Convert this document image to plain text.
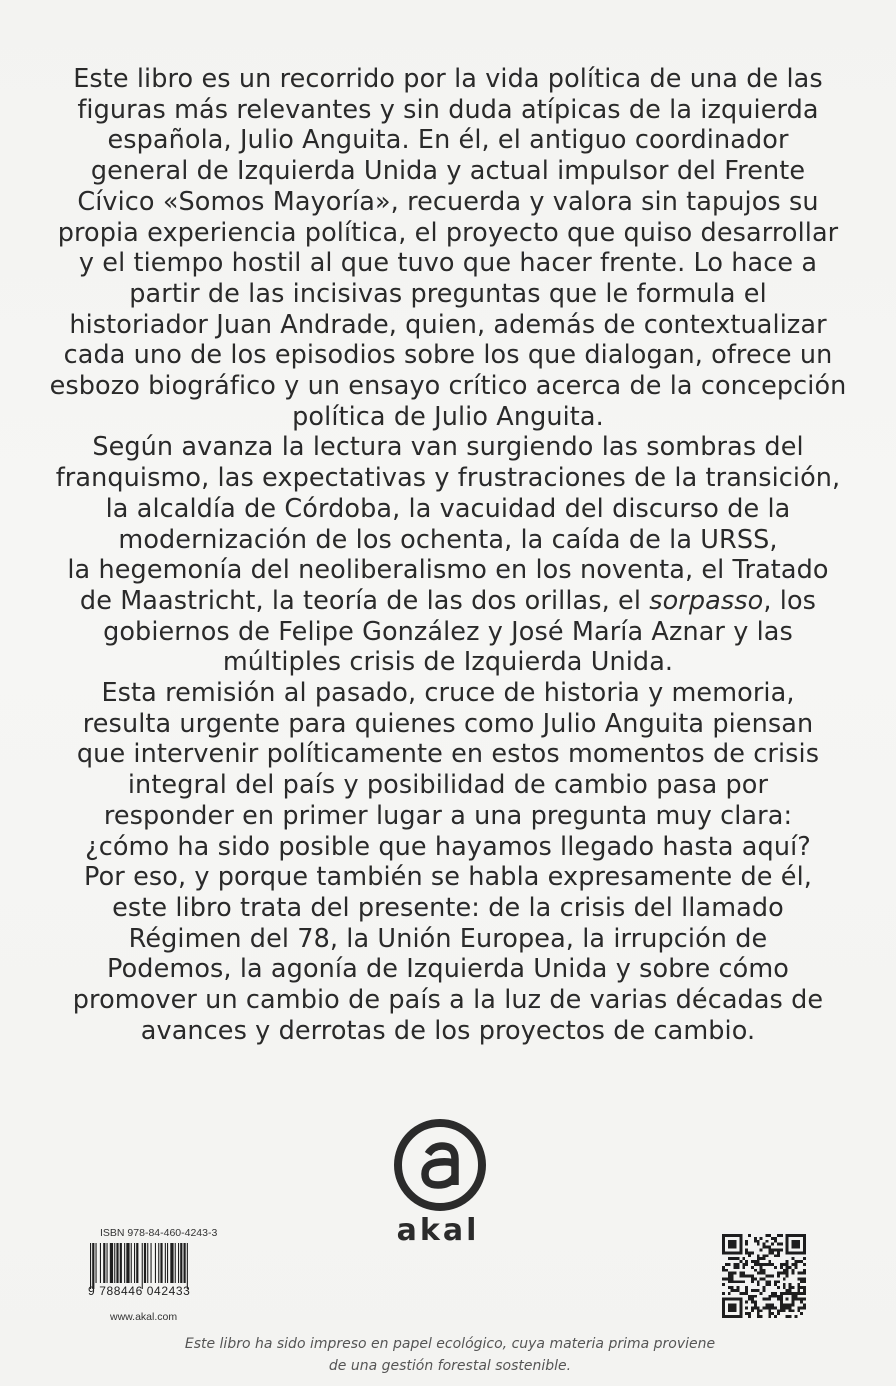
Este libro es un recorrido por la vida política de una de las
figuras más relevantes y sin duda atípicas de la izquierda
española, Julio Anguita. En él, el antiguo coordinador
general de Izquierda Unida y actual impulsor del Frente
Cívico «Somos Mayoría», recuerda y valora sin tapujos su
propia experiencia política, el proyecto que quiso desarrollar
y el tiempo hostil al que tuvo que hacer frente. Lo hace a
partir de las incisivas preguntas que le formula el
historiador Juan Andrade, quien, además de contextualizar
cada uno de los episodios sobre los que dialogan, ofrece un
esbozo biográfico y un ensayo crítico acerca de la concepción
política de Julio Anguita.
Según avanza la lectura van surgiendo las sombras del
franquismo, las expectativas y frustraciones de la transición,
la alcaldía de Córdoba, la vacuidad del discurso de la
modernización de los ochenta, la caída de la URSS,
la hegemonía del neoliberalismo en los noventa, el Tratado
de Maastricht, la teoría de las dos orillas, el sorpasso, los
gobiernos de Felipe González y José María Aznar y las
múltiples crisis de Izquierda Unida.
Esta remisión al pasado, cruce de historia y memoria,
resulta urgente para quienes como Julio Anguita piensan
que intervenir políticamente en estos momentos de crisis
integral del país y posibilidad de cambio pasa por
responder en primer lugar a una pregunta muy clara:
¿cómo ha sido posible que hayamos llegado hasta aquí?
Por eso, y porque también se habla expresamente de él,
este libro trata del presente: de la crisis del llamado
Régimen del 78, la Unión Europea, la irrupción de
Podemos, la agonía de Izquierda Unida y sobre cómo
promover un cambio de país a la luz de varias décadas de
avances y derrotas de los proyectos de cambio.
akal
ISBN 978-84-460-4243-3
9 788446 042433
www.akal.com
Este libro ha sido impreso en papel ecológico, cuya materia prima proviene
de una gestión forestal sostenible.
